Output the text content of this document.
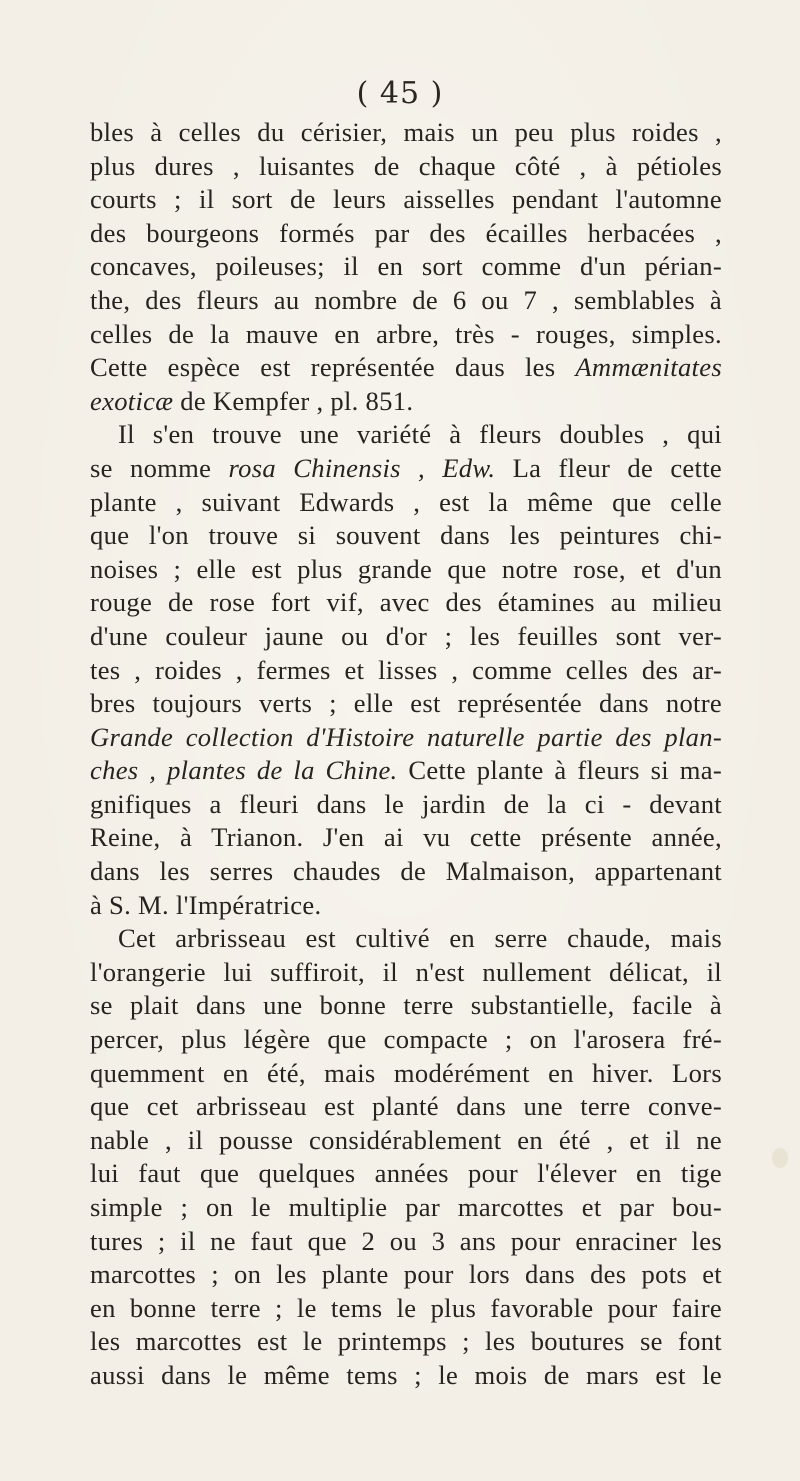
( 45 )
bles à celles du cérisier, mais un peu plus roides ,
plus dures , luisantes de chaque côté , à pétioles
courts ; il sort de leurs aisselles pendant l'automne
des bourgeons formés par des écailles herbacées ,
concaves, poileuses; il en sort comme d'un périan-
the, des fleurs au nombre de 6 ou 7 , semblables à
celles de la mauve en arbre, très - rouges, simples.
Cette espèce est représentée daus les Ammænitates
exoticæ de Kempfer , pl. 851.
Il s'en trouve une variété à fleurs doubles , qui
se nomme rosa Chinensis , Edw. La fleur de cette
plante , suivant Edwards , est la même que celle
que l'on trouve si souvent dans les peintures chi-
noises ; elle est plus grande que notre rose, et d'un
rouge de rose fort vif, avec des étamines au milieu
d'une couleur jaune ou d'or ; les feuilles sont ver-
tes , roides , fermes et lisses , comme celles des ar-
bres toujours verts ; elle est représentée dans notre
Grande collection d'Histoire naturelle partie des plan-
ches , plantes de la Chine. Cette plante à fleurs si ma-
gnifiques a fleuri dans le jardin de la ci - devant
Reine, à Trianon. J'en ai vu cette présente année,
dans les serres chaudes de Malmaison, appartenant
à S. M. l'Impératrice.
Cet arbrisseau est cultivé en serre chaude, mais
l'orangerie lui suffiroit, il n'est nullement délicat, il
se plait dans une bonne terre substantielle, facile à
percer, plus légère que compacte ; on l'arosera fré-
quemment en été, mais modérément en hiver. Lors
que cet arbrisseau est planté dans une terre conve-
nable , il pousse considérablement en été , et il ne
lui faut que quelques années pour l'élever en tige
simple ; on le multiplie par marcottes et par bou-
tures ; il ne faut que 2 ou 3 ans pour enraciner les
marcottes ; on les plante pour lors dans des pots et
en bonne terre ; le tems le plus favorable pour faire
les marcottes est le printemps ; les boutures se font
aussi dans le même tems ; le mois de mars est le
